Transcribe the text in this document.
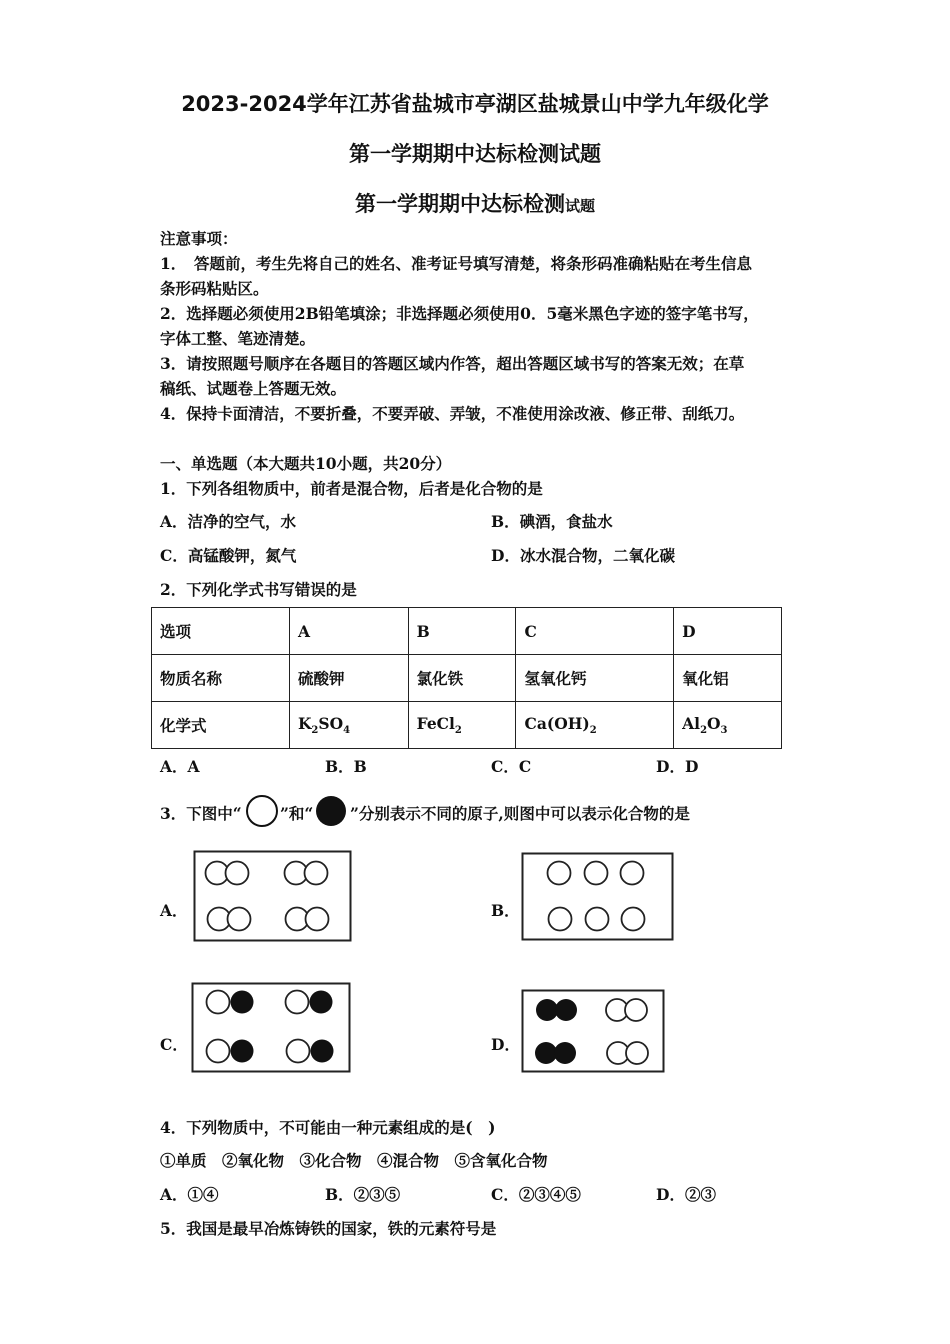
2023-2024学年江苏省盐城市亭湖区盐城景山中学九年级化学
第一学期期中达标检测试题
第一学期期中达标检测试题
注意事项：
1．　答题前，考生先将自己的姓名、准考证号填写清楚，将条形码准确粘贴在考生信息
条形码粘贴区。
2．选择题必须使用2B铅笔填涂；非选择题必须使用0．5毫米黑色字迹的签字笔书写，
字体工整、笔迹清楚。
3．请按照题号顺序在各题目的答题区域内作答，超出答题区域书写的答案无效；在草
稿纸、试题卷上答题无效。
4．保持卡面清洁，不要折叠，不要弄破、弄皱，不准使用涂改液、修正带、刮纸刀。
一、单选题（本大题共10小题，共20分）
1．下列各组物质中，前者是混合物，后者是化合物的是
A．洁净的空气，水	B．碘酒，食盐水
C．高锰酸钾，氮气	D．冰水混合物，二氧化碳
2．下列化学式书写错误的是
选项	A	B	C	D
物质名称	硫酸钾	氯化铁	氢氧化钙	氧化铝
化学式	$K_2SO_4$	FeCl$_2$	$Ca(OH)_2$	$Al_2O_3$
A．A	B．B	C．C	D．D
3．下图中“ ”和“ ”分别表示不同的原子,则图中可以表示化合物的是
A．	B．
C．	D．
4．下列物质中，不可能由一种元素组成的是(　)
①单质　②氧化物　③化合物　④混合物　⑤含氧化合物
A．①④	B．②③⑤	C．②③④⑤	D．②③
5．我国是最早冶炼铸铁的国家，铁的元素符号是
